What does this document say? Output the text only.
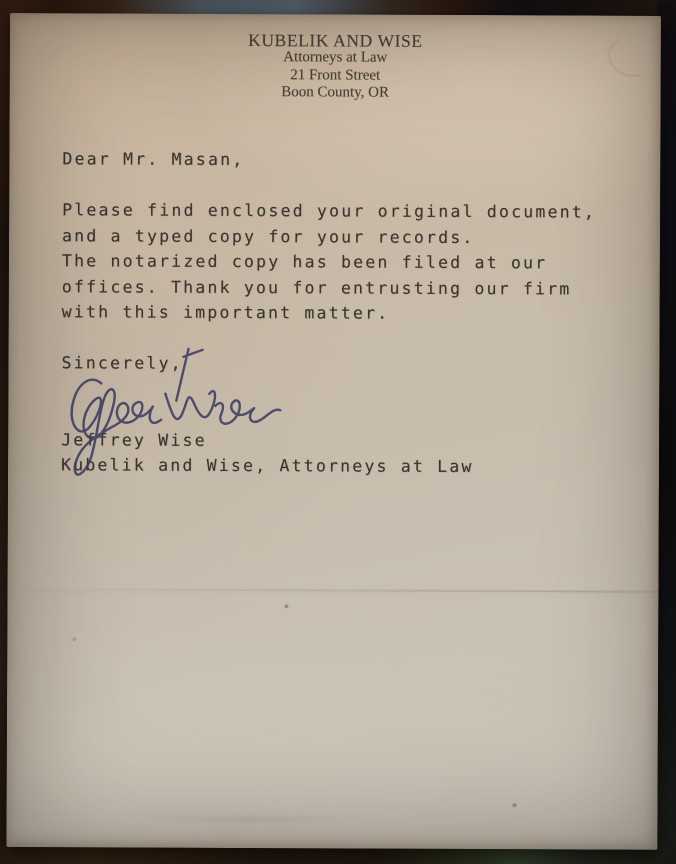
KUBELIK AND WISE
Attorneys at Law
21 Front Street
Boon County, OR
Dear Mr. Masan,
Please find enclosed your original document,
and a typed copy for your records.
The notarized copy has been filed at our
offices. Thank you for entrusting our firm
with this important matter.
Sincerely,
Jeffrey Wise
Kubelik and Wise, Attorneys at Law
